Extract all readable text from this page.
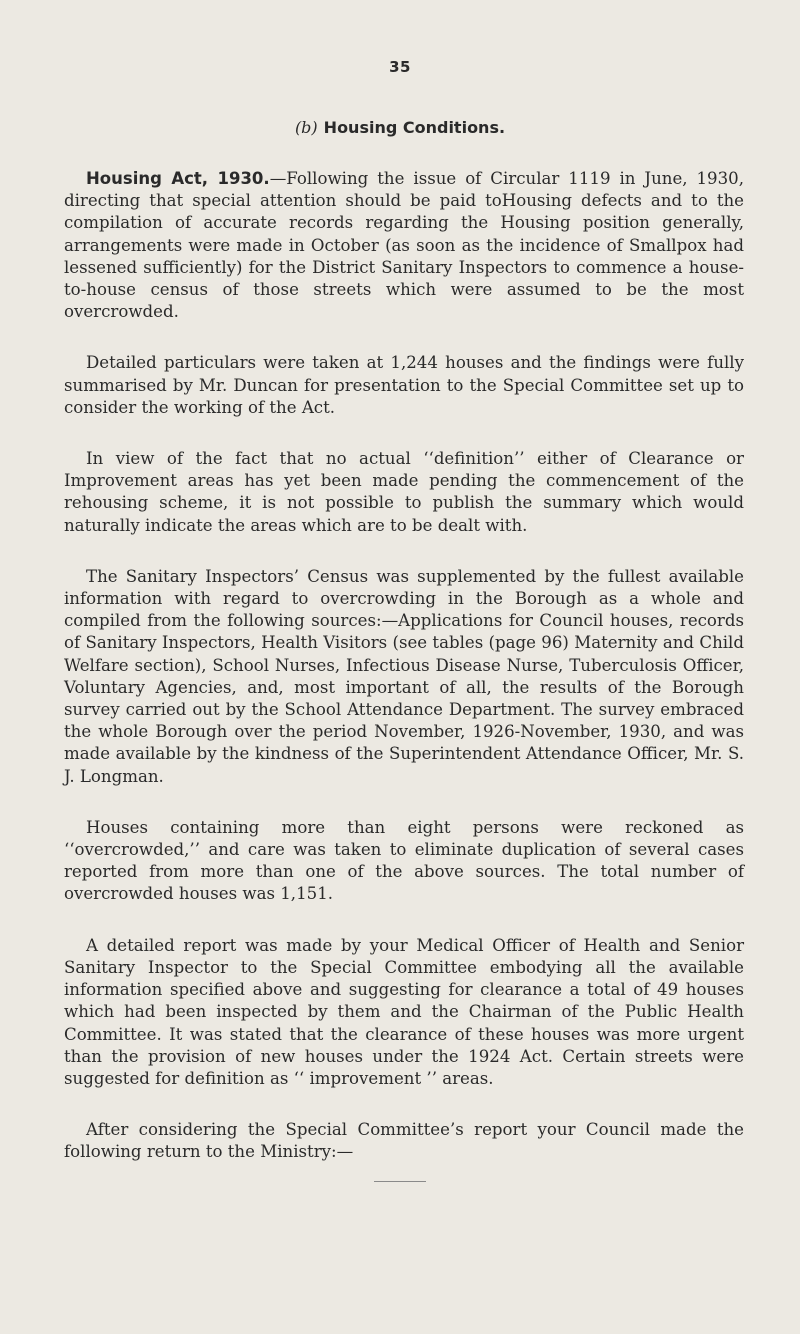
35
(b) Housing Conditions.

Housing Act, 1930.—Following the issue of Circular 1119 in June, 1930, directing that special attention should be paid toHousing defects and to the compilation of accurate records regarding the Housing position generally, arrangements were made in October (as soon as the incidence of Smallpox had lessened sufficiently) for the District Sanitary Inspectors to commence a house-to-house census of those streets which were assumed to be the most overcrowded.

Detailed particulars were taken at 1,244 houses and the findings were fully summarised by Mr. Duncan for presentation to the Special Committee set up to consider the working of the Act.

In view of the fact that no actual ‘‘definition’’ either of Clearance or Improvement areas has yet been made pending the commencement of the rehousing scheme, it is not possible to publish the summary which would naturally indicate the areas which are to be dealt with.

The Sanitary Inspectors’ Census was supplemented by the fullest available information with regard to overcrowding in the Borough as a whole and compiled from the following sources:—Applications for Council houses, records of Sanitary Inspectors, Health Visitors (see tables (page 96) Maternity and Child Welfare section), School Nurses, Infectious Disease Nurse, Tuberculosis Officer, Voluntary Agencies, and, most important of all, the results of the Borough survey carried out by the School Attendance Department. The survey embraced the whole Borough over the period November, 1926-November, 1930, and was made available by the kindness of the Superintendent Attendance Officer, Mr. S. J. Longman.

Houses containing more than eight persons were reckoned as ‘‘overcrowded,’’ and care was taken to eliminate duplication of several cases reported from more than one of the above sources. The total number of overcrowded houses was 1,151.

A detailed report was made by your Medical Officer of Health and Senior Sanitary Inspector to the Special Committee embodying all the available information specified above and suggesting for clearance a total of 49 houses which had been inspected by them and the Chairman of the Public Health Committee. It was stated that the clearance of these houses was more urgent than the provision of new houses under the 1924 Act. Certain streets were suggested for definition as ‘‘ improvement ’’ areas.

After considering the Special Committee’s report your Council made the following return to the Ministry:—
